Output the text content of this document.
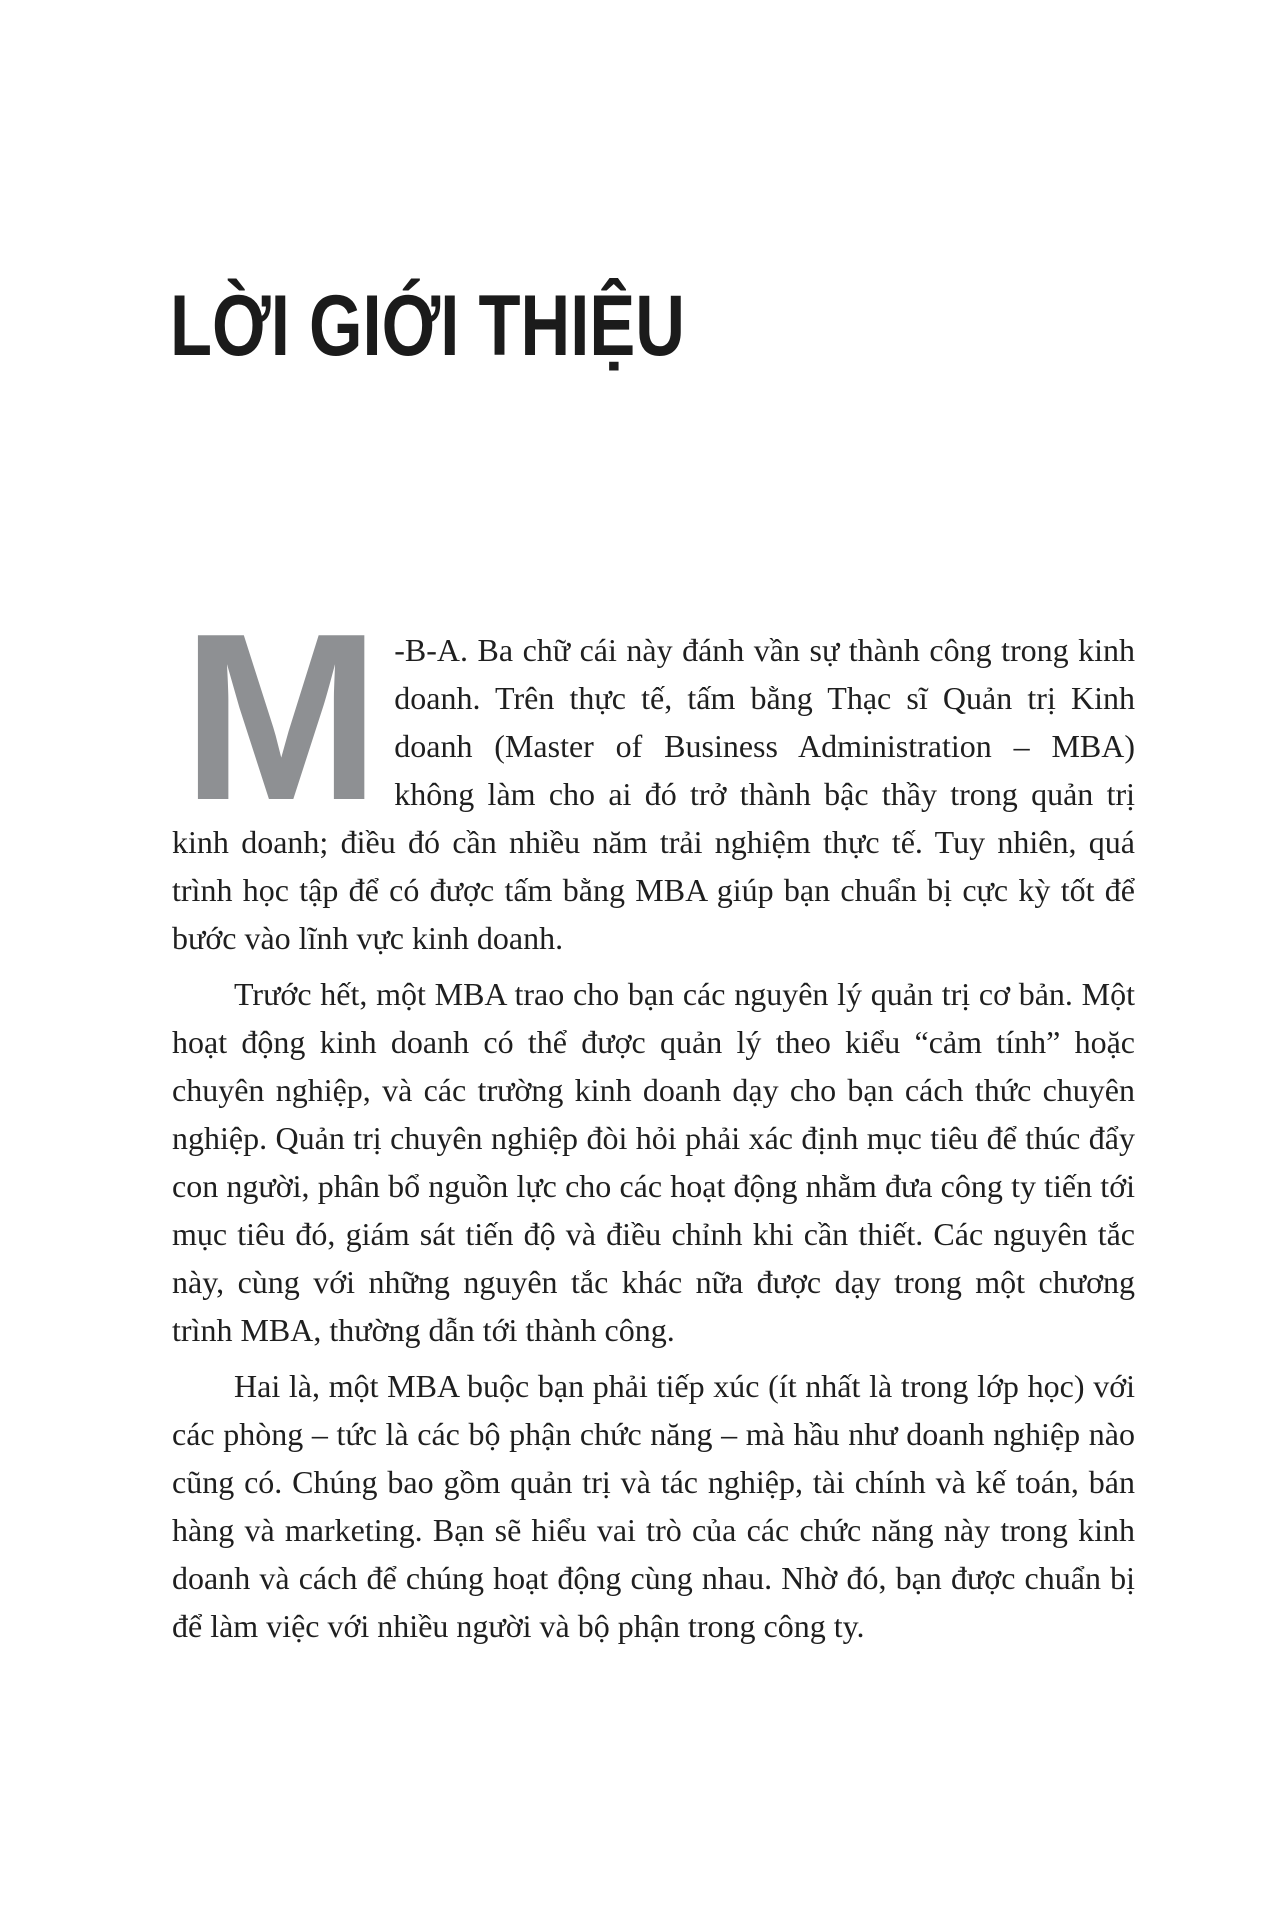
LỜI GIỚI THIỆU

M -B-A. Ba chữ cái này đánh vần sự thành công trong kinh doanh. Trên thực tế, tấm bằng Thạc sĩ Quản trị Kinh doanh (Master of Business Administration – MBA) không làm cho ai đó trở thành bậc thầy trong quản trị kinh doanh; điều đó cần nhiều năm trải nghiệm thực tế. Tuy nhiên, quá trình học tập để có được tấm bằng MBA giúp bạn chuẩn bị cực kỳ tốt để bước vào lĩnh vực kinh doanh.

Trước hết, một MBA trao cho bạn các nguyên lý quản trị cơ bản. Một hoạt động kinh doanh có thể được quản lý theo kiểu “cảm tính” hoặc chuyên nghiệp, và các trường kinh doanh dạy cho bạn cách thức chuyên nghiệp. Quản trị chuyên nghiệp đòi hỏi phải xác định mục tiêu để thúc đẩy con người, phân bổ nguồn lực cho các hoạt động nhằm đưa công ty tiến tới mục tiêu đó, giám sát tiến độ và điều chỉnh khi cần thiết. Các nguyên tắc này, cùng với những nguyên tắc khác nữa được dạy trong một chương trình MBA, thường dẫn tới thành công.

Hai là, một MBA buộc bạn phải tiếp xúc (ít nhất là trong lớp học) với các phòng – tức là các bộ phận chức năng – mà hầu như doanh nghiệp nào cũng có. Chúng bao gồm quản trị và tác nghiệp, tài chính và kế toán, bán hàng và marketing. Bạn sẽ hiểu vai trò của các chức năng này trong kinh doanh và cách để chúng hoạt động cùng nhau. Nhờ đó, bạn được chuẩn bị để làm việc với nhiều người và bộ phận trong công ty.
